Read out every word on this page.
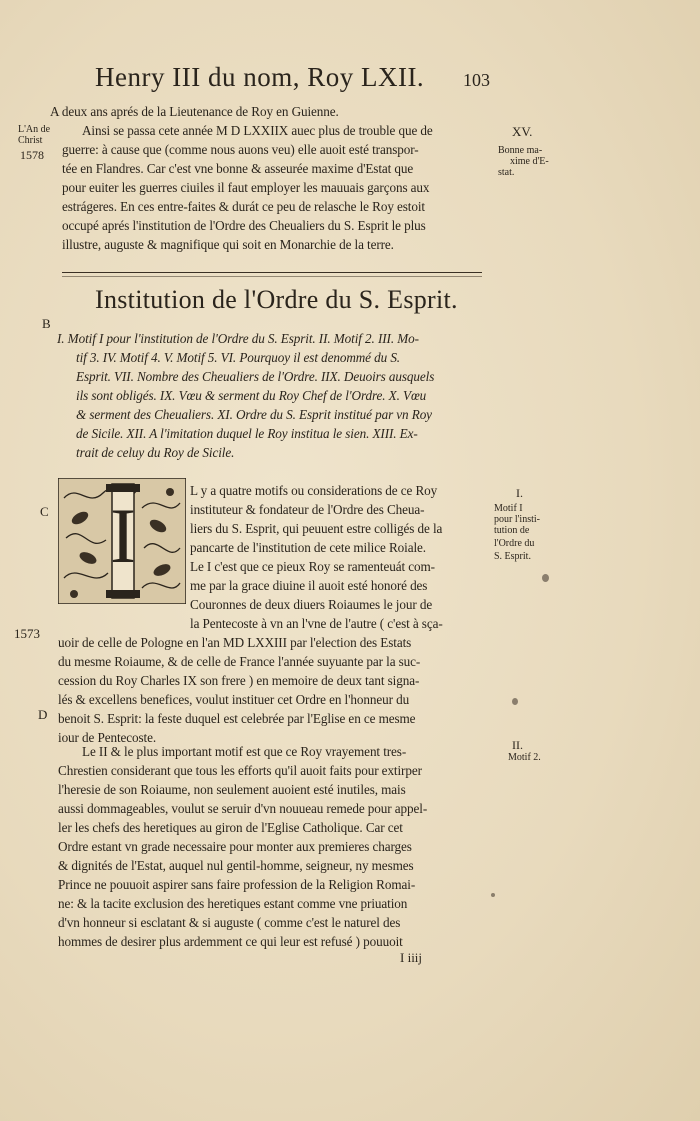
Henry III du nom, Roy LXII.	103
A deux ans aprés de la Lieutenance de Roy en Guienne.
Ainsi se passa cete année M D LXXIIX auec plus de trouble que de
guerre: à cause que (comme nous auons veu) elle auoit esté transpor-
tée en Flandres. Car c'est vne bonne & asseurée maxime d'Estat que
pour euiter les guerres ciuiles il faut employer les mauuais garçons aux
estrágeres. En ces entre-faites & durát ce peu de relasche le Roy estoit
occupé aprés l'institution de l'Ordre des Cheualiers du S. Esprit le plus
illustre, auguste & magnifique qui soit en Monarchie de la terre.
L'An de
Christ
1578
XV.
Bonne ma-
xime d'E-
stat.
Institution de l'Ordre du S. Esprit.
B
I. Motif I pour l'institution de l'Ordre du S. Esprit. II. Motif 2. III. Mo-
tif 3. IV. Motif 4. V. Motif 5. VI. Pourquoy il est denommé du S.
Esprit. VII. Nombre des Cheualiers de l'Ordre. IIX. Deuoirs ausquels
ils sont obligés. IX. Vœu & serment du Roy Chef de l'Ordre. X. Vœu
& serment des Cheualiers. XI. Ordre du S. Esprit institué par vn Roy
de Sicile. XII. A l'imitation duquel le Roy institua le sien. XIII. Ex-
trait de celuy du Roy de Sicile.
C I
L y a quatre motifs ou considerations de ce Roy
instituteur & fondateur de l'Ordre des Cheua-
liers du S. Esprit, qui peuuent estre colligés de la
pancarte de l'institution de cete milice Roiale.
Le I c'est que ce pieux Roy se ramenteuát com-
me par la grace diuine il auoit esté honoré des
Couronnes de deux diuers Roiaumes le jour de
la Pentecoste à vn an l'vne de l'autre ( c'est à sça-
uoir de celle de Pologne en l'an MD LXXIII par l'election des Estats
du mesme Roiaume, & de celle de France l'année suyuante par la suc-
cession du Roy Charles IX son frere ) en memoire de deux tant signa-
lés & excellens benefices, voulut instituer cet Ordre en l'honneur du
benoit S. Esprit: la feste duquel est celebrée par l'Eglise en ce mesme
iour de Pentecoste.
1573
D
I.
Motif I
pour l'insti-
tution de
l'Ordre du
S. Esprit.
Le II & le plus important motif est que ce Roy vrayement tres-
Chrestien considerant que tous les efforts qu'il auoit faits pour extirper
l'heresie de son Roiaume, non seulement auoient esté inutiles, mais
aussi dommageables, voulut se seruir d'vn nouueau remede pour appel-
ler les chefs des heretiques au giron de l'Eglise Catholique. Car cet
Ordre estant vn grade necessaire pour monter aux premieres charges
& dignités de l'Estat, auquel nul gentil-homme, seigneur, ny mesmes
Prince ne pouuoit aspirer sans faire profession de la Religion Romai-
ne: & la tacite exclusion des heretiques estant comme vne priuation
d'vn honneur si esclatant & si auguste ( comme c'est le naturel des
hommes de desirer plus ardemment ce qui leur est refusé ) pouuoit
II.
Motif 2.
I iiij
